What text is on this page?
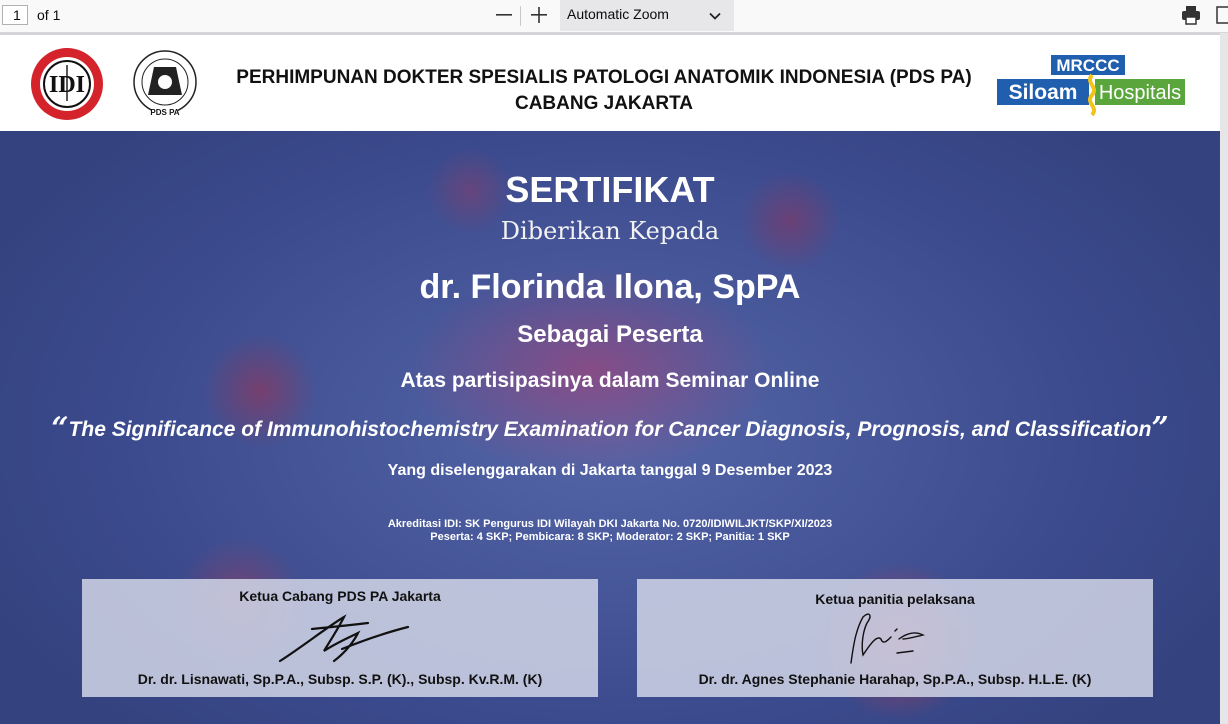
1	of 1	Automatic Zoom
IDI
PDS PA
PERHIMPUNAN DOKTER SPESIALIS PATOLOGI ANATOMIK INDONESIA (PDS PA)
CABANG JAKARTA
MRCCC
Siloam Hospitals
SERTIFIKAT
Diberikan Kepada
dr. Florinda Ilona, SpPA
Sebagai Peserta
Atas partisipasinya dalam Seminar Online
“The Significance of Immunohistochemistry Examination for Cancer Diagnosis, Prognosis, and Classification”
Yang diselenggarakan di Jakarta tanggal 9 Desember 2023
Akreditasi IDI: SK Pengurus IDI Wilayah DKI Jakarta No. 0720/IDIWILJKT/SKP/XI/2023
Peserta: 4 SKP; Pembicara: 8 SKP; Moderator: 2 SKP; Panitia: 1 SKP
Ketua Cabang PDS PA Jakarta
Dr. dr. Lisnawati, Sp.P.A., Subsp. S.P. (K)., Subsp. Kv.R.M. (K)
Ketua panitia pelaksana
Dr. dr. Agnes Stephanie Harahap, Sp.P.A., Subsp. H.L.E. (K)
